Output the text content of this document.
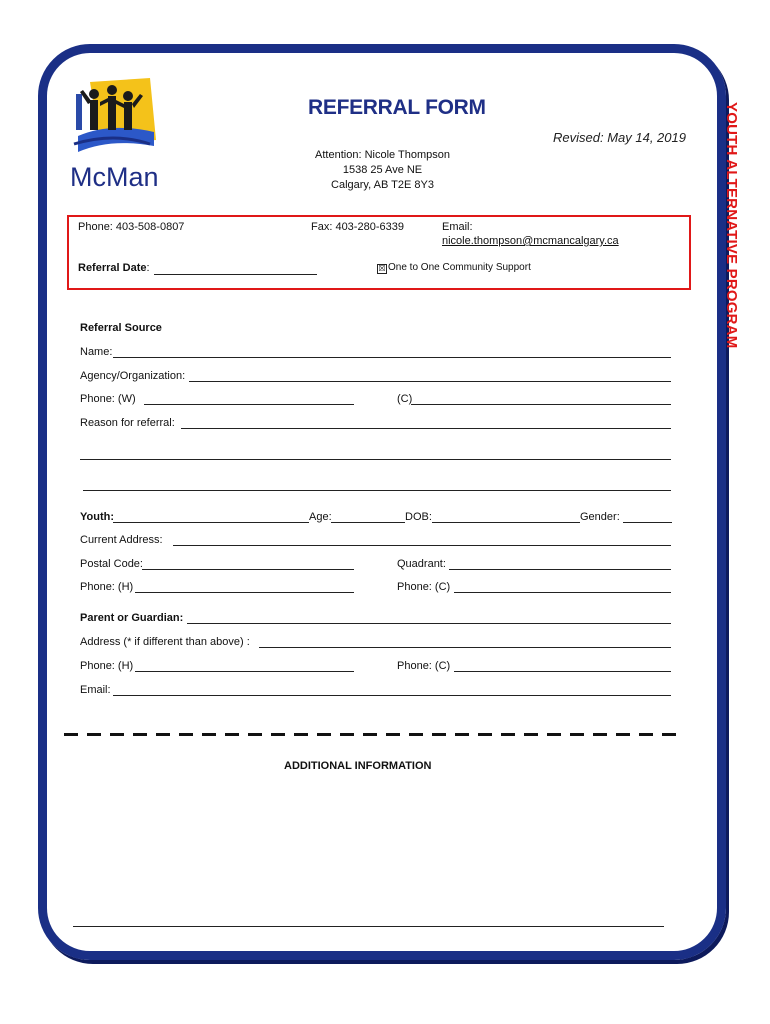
YOUTH ALTERNATIVE PROGRAM
McMan
REFERRAL FORM
Revised: May 14, 2019
Attention: Nicole Thompson
1538 25 Ave NE
Calgary, AB T2E 8Y3
Phone: 403-508-0807	Fax: 403-280-6339	Email:
nicole.thompson@mcmancalgary.ca
Referral Date:	☒ One to One Community Support
Referral Source
Name:
Agency/Organization:
Phone: (W)	(C)
Reason for referral:
Youth:	Age:	DOB:	Gender:
Current Address:
Postal Code:	Quadrant:
Phone: (H)	Phone: (C)
Parent or Guardian:
Address (* if different than above) :
Phone: (H)	Phone: (C)
Email:
ADDITIONAL INFORMATION
